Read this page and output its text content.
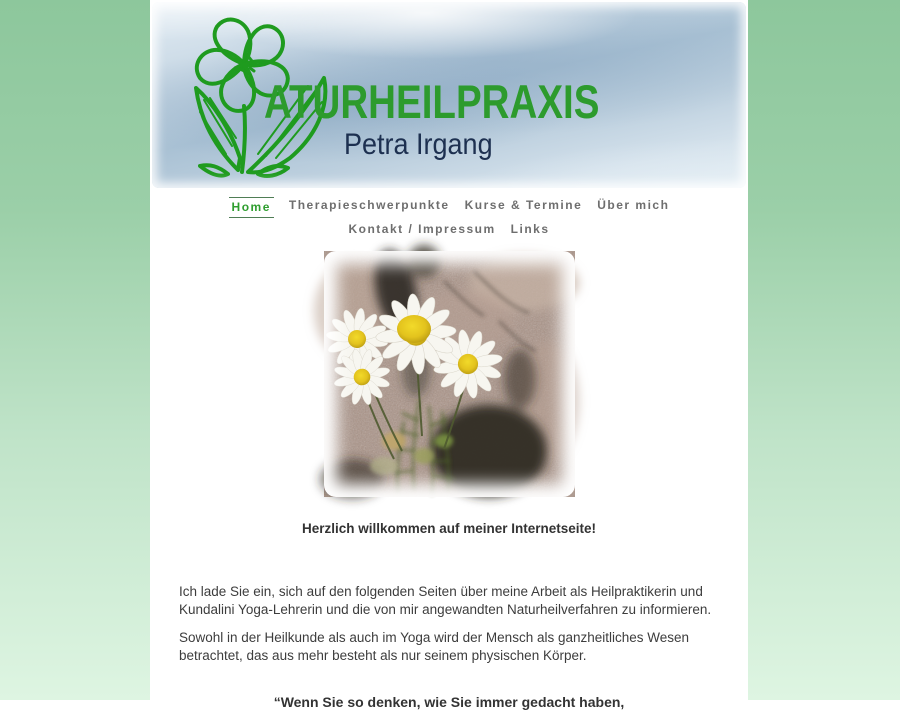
ATURHEILPRAXIS
Petra Irgang
Home Therapieschwerpunkte Kurse & Termine Über mich
Kontakt / Impressum Links
Herzlich willkommen auf meiner Internetseite!

Ich lade Sie ein, sich auf den folgenden Seiten über meine Arbeit als Heilpraktikerin und Kundalini Yoga-Lehrerin und die von mir angewandten Naturheilverfahren zu informieren.

Sowohl in der Heilkunde als auch im Yoga wird der Mensch als ganzheitliches Wesen betrachtet, das aus mehr besteht als nur seinem physischen Körper.

“Wenn Sie so denken, wie Sie immer gedacht haben,
